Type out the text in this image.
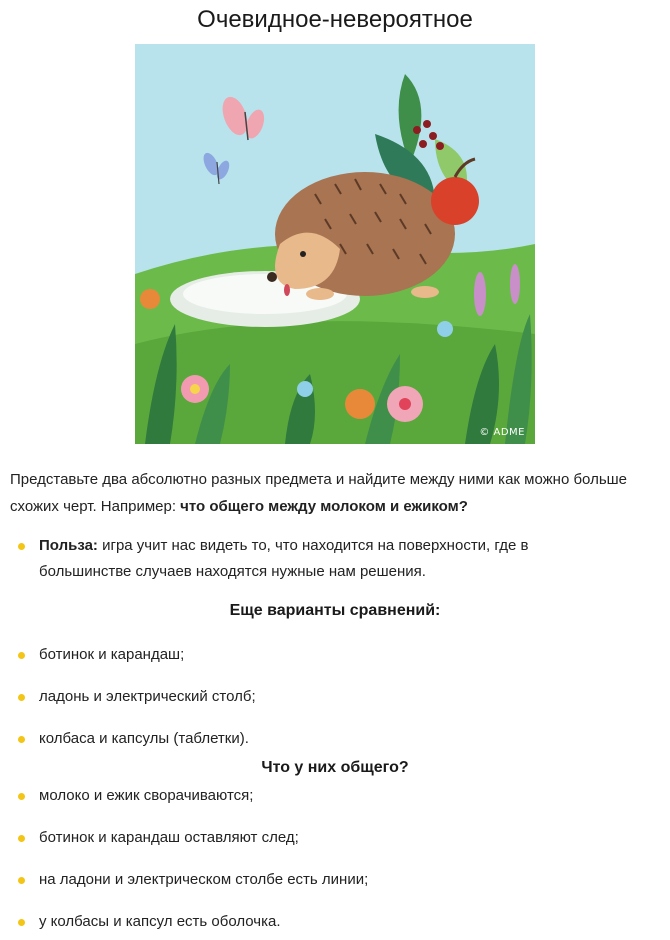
Очевидное-невероятное
© ADME
Представьте два абсолютно разных предмета и найдите между ними как можно больше схожих черт. Например: что общего между молоком и ежиком?
Польза: игра учит нас видеть то, что находится на поверхности, где в большинстве случаев находятся нужные нам решения.
Еще варианты сравнений:
ботинок и карандаш;
ладонь и электрический столб;
колбаса и капсулы (таблетки).
Что у них общего?
молоко и ежик сворачиваются;
ботинок и карандаш оставляют след;
на ладони и электрическом столбе есть линии;
у колбасы и капсул есть оболочка.
